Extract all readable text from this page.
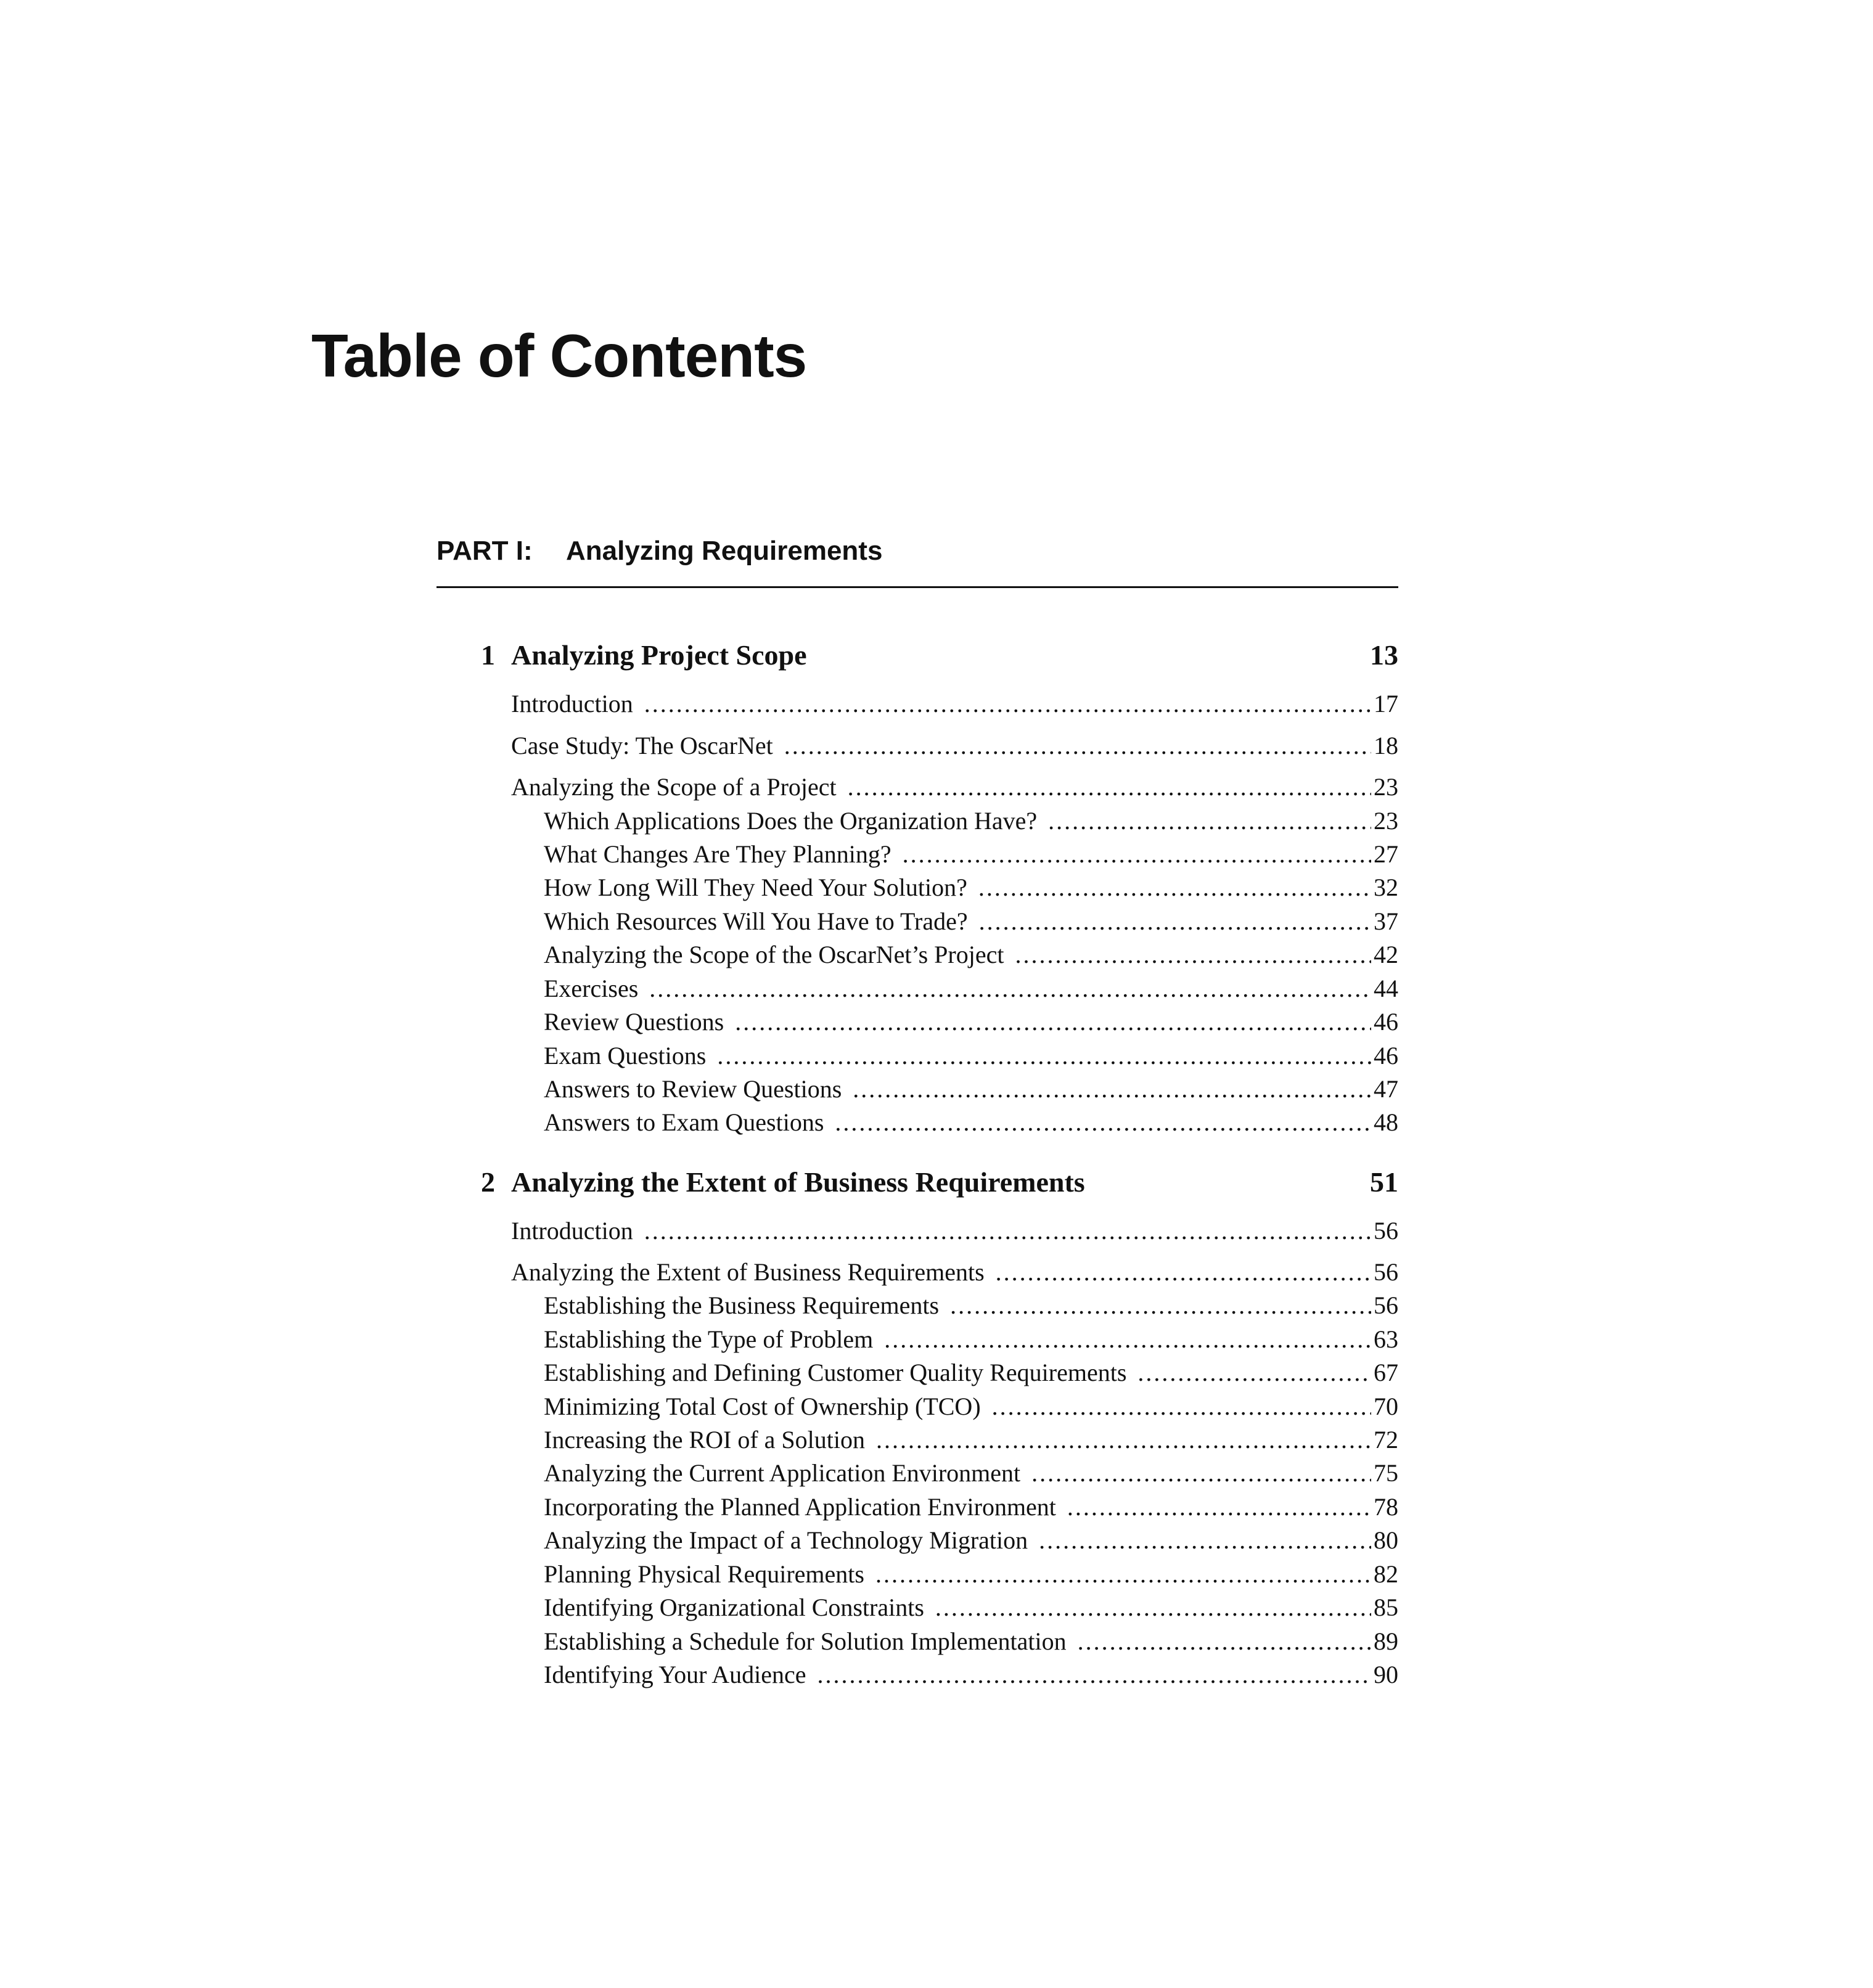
Table of Contents
PART I: Analyzing Requirements
1 Analyzing Project Scope	13
Introduction .....	17
Case Study: The OscarNet .....	18
Analyzing the Scope of a Project .....	23
Which Applications Does the Organization Have? .....	23
What Changes Are They Planning? .....	27
How Long Will They Need Your Solution? .....	32
Which Resources Will You Have to Trade? .....	37
Analyzing the Scope of the OscarNet’s Project .....	42
Exercises .....	44
Review Questions .....	46
Exam Questions .....	46
Answers to Review Questions .....	47
Answers to Exam Questions .....	48
2 Analyzing the Extent of Business Requirements	51
Introduction .....	56
Analyzing the Extent of Business Requirements .....	56
Establishing the Business Requirements .....	56
Establishing the Type of Problem .....	63
Establishing and Defining Customer Quality Requirements .....	67
Minimizing Total Cost of Ownership (TCO) .....	70
Increasing the ROI of a Solution .....	72
Analyzing the Current Application Environment .....	75
Incorporating the Planned Application Environment .....	78
Analyzing the Impact of a Technology Migration .....	80
Planning Physical Requirements .....	82
Identifying Organizational Constraints .....	85
Establishing a Schedule for Solution Implementation .....	89
Identifying Your Audience .....	90
